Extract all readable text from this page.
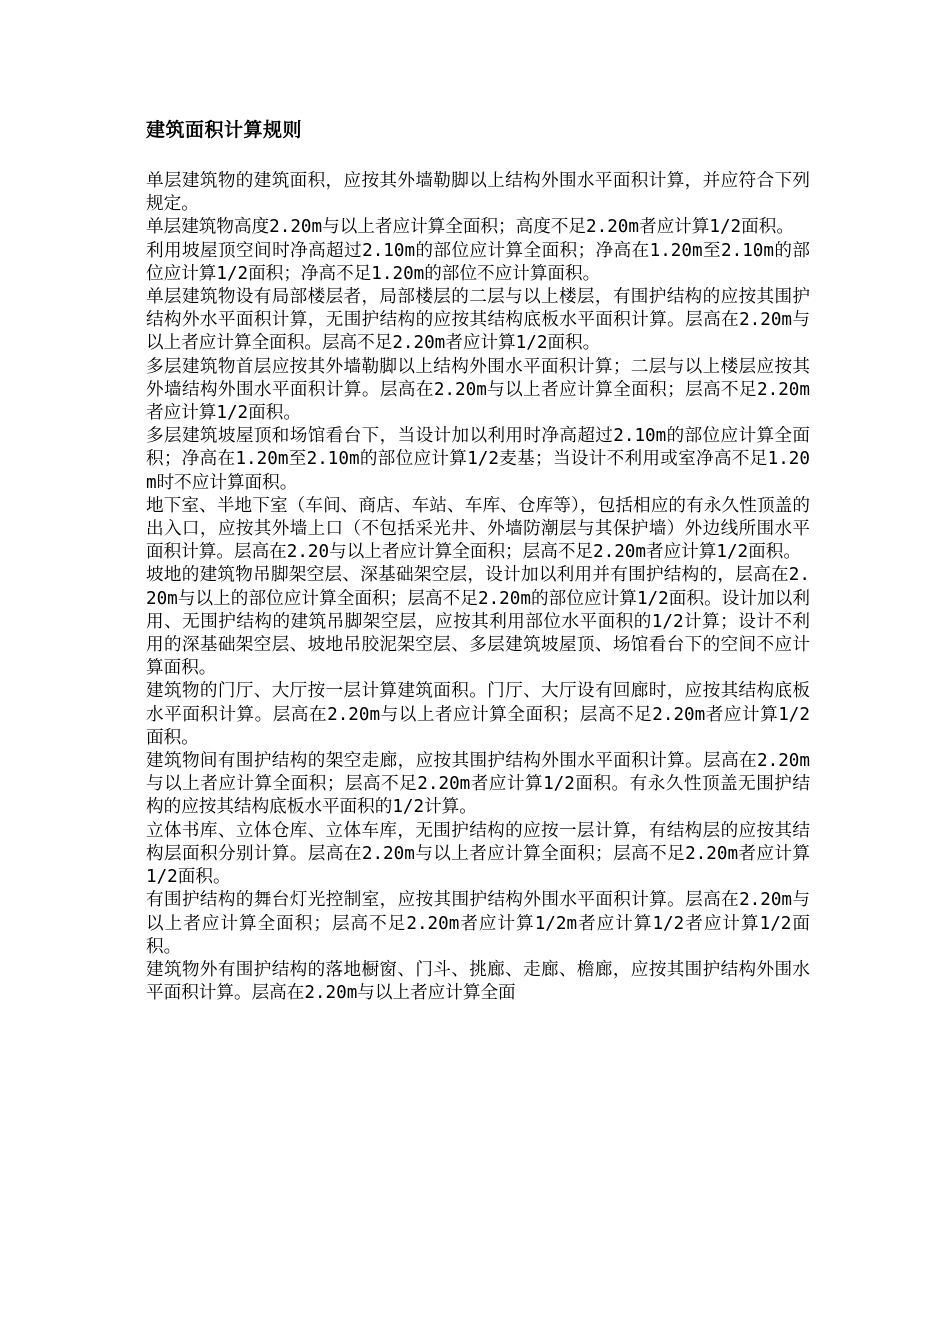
建筑面积计算规则

单层建筑物的建筑面积，应按其外墙勒脚以上结构外围水平面积计算，并应符合下列规定。

单层建筑物高度2.20m与以上者应计算全面积；高度不足2.20m者应计算1/2面积。

利用坡屋顶空间时净高超过2.10m的部位应计算全面积；净高在1.20m至2.10m的部位应计算1/2面积；净高不足1.20m的部位不应计算面积。

单层建筑物设有局部楼层者，局部楼层的二层与以上楼层，有围护结构的应按其围护结构外水平面积计算，无围护结构的应按其结构底板水平面积计算。层高在2.20m与以上者应计算全面积。层高不足2.20m者应计算1/2面积。

多层建筑物首层应按其外墙勒脚以上结构外围水平面积计算；二层与以上楼层应按其外墙结构外围水平面积计算。层高在2.20m与以上者应计算全面积；层高不足2.20m者应计算1/2面积。

多层建筑坡屋顶和场馆看台下，当设计加以利用时净高超过2.10m的部位应计算全面积；净高在1.20m至2.10m的部位应计算1/2麦基；当设计不利用或室净高不足1.20m时不应计算面积。

地下室、半地下室（车间、商店、车站、车库、仓库等），包括相应的有永久性顶盖的出入口，应按其外墙上口（不包括采光井、外墙防潮层与其保护墙）外边线所围水平面积计算。层高在2.20与以上者应计算全面积；层高不足2.20m者应计算1/2面积。

坡地的建筑物吊脚架空层、深基础架空层，设计加以利用并有围护结构的，层高在2.20m与以上的部位应计算全面积；层高不足2.20m的部位应计算1/2面积。设计加以利用、无围护结构的建筑吊脚架空层，应按其利用部位水平面积的1/2计算；设计不利用的深基础架空层、坡地吊胶泥架空层、多层建筑坡屋顶、场馆看台下的空间不应计算面积。

建筑物的门厅、大厅按一层计算建筑面积。门厅、大厅设有回廊时，应按其结构底板水平面积计算。层高在2.20m与以上者应计算全面积；层高不足2.20m者应计算1/2面积。

建筑物间有围护结构的架空走廊，应按其围护结构外围水平面积计算。层高在2.20m与以上者应计算全面积；层高不足2.20m者应计算1/2面积。有永久性顶盖无围护结构的应按其结构底板水平面积的1/2计算。

立体书库、立体仓库、立体车库，无围护结构的应按一层计算，有结构层的应按其结构层面积分别计算。层高在2.20m与以上者应计算全面积；层高不足2.20m者应计算1/2面积。

有围护结构的舞台灯光控制室，应按其围护结构外围水平面积计算。层高在2.20m与以上者应计算全面积；层高不足2.20m者应计算1/2m者应计算1/2者应计算1/2面积。

建筑物外有围护结构的落地橱窗、门斗、挑廊、走廊、檐廊，应按其围护结构外围水平面积计算。层高在2.20m与以上者应计算全面
